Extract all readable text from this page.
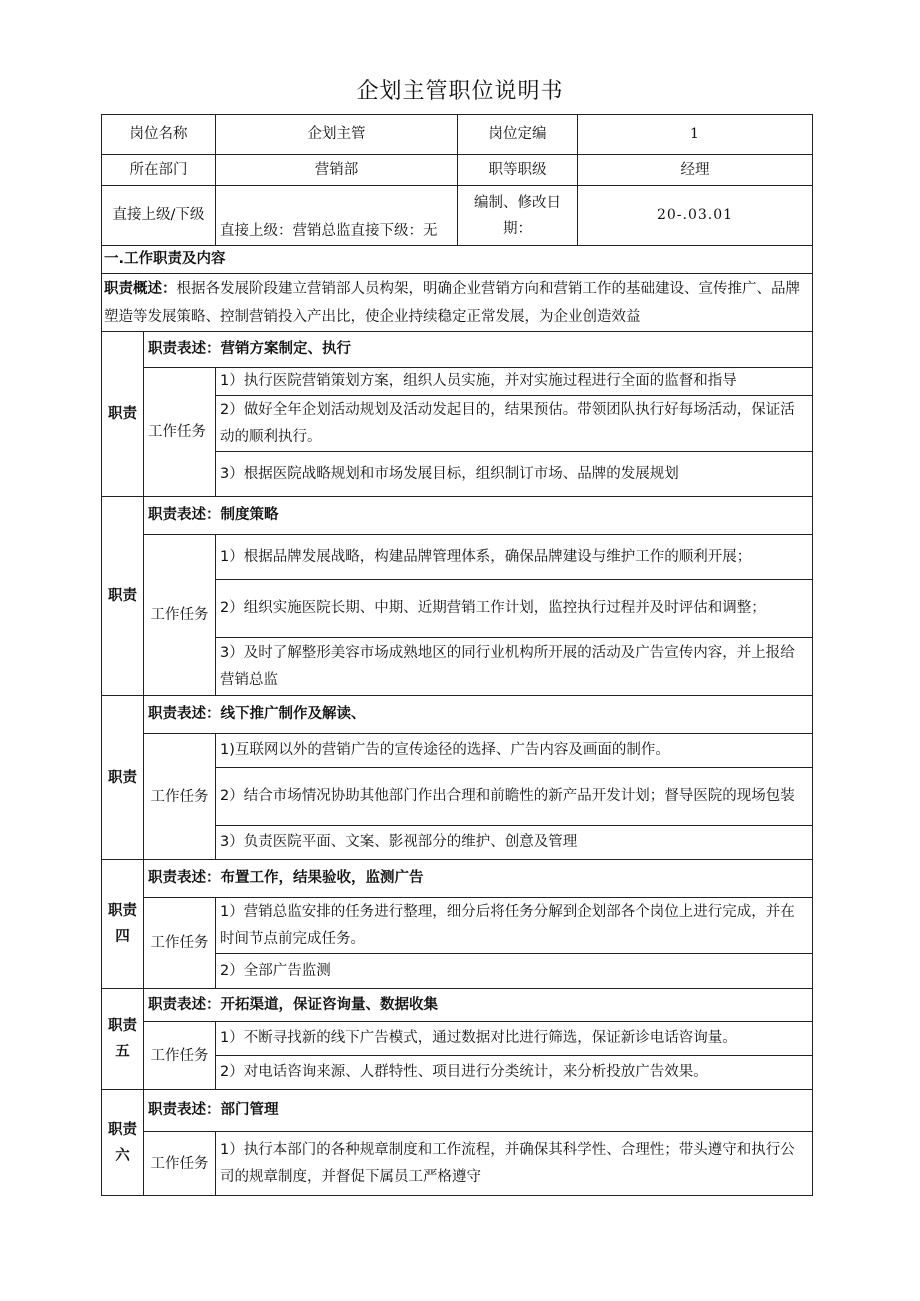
企划主管职位说明书
岗位名称		企划主管	岗位定编	1
所在部门		营销部	职等职级	经理
直接上级/下级		直接上级：营销总监直接下级：无	编制、修改日期：	20-.03.01
一.工作职责及内容				
职责概述：根据各发展阶段建立营销部人员构架，明确企业营销方向和营销工作的基础建设、宣传推广、品牌塑造等发展策略、控制营销投入产出比，使企业持续稳定正常发展，为企业创造效益				
职责	职责表述：营销方案制定、执行			
	工作任务	1）执行医院营销策划方案，组织人员实施，并对实施过程进行全面的监督和指导		
		2）做好全年企划活动规划及活动发起目的，结果预估。带领团队执行好每场活动，保证活动的顺利执行。		
		3）根据医院战略规划和市场发展目标，组织制订市场、品牌的发展规划		
职责	职责表述：制度策略			
	工作任务	1）根据品牌发展战略，构建品牌管理体系，确保品牌建设与维护工作的顺利开展；		
		2）组织实施医院长期、中期、近期营销工作计划，监控执行过程并及时评估和调整；		
		3）及时了解整形美容市场成熟地区的同行业机构所开展的活动及广告宣传内容，并上报给营销总监		
职责	职责表述：线下推广制作及解读、			
	工作任务	1)互联网以外的营销广告的宣传途径的选择、广告内容及画面的制作。		
		2）结合市场情况协助其他部门作出合理和前瞻性的新产品开发计划；督导医院的现场包装		
		3）负责医院平面、文案、影视部分的维护、创意及管理		
职责四	职责表述：布置工作，结果验收，监测广告			
	工作任务	1）营销总监安排的任务进行整理，细分后将任务分解到企划部各个岗位上进行完成，并在时间节点前完成任务。		
		2）全部广告监测		
职责五	职责表述：开拓渠道，保证咨询量、数据收集			
	工作任务	1）不断寻找新的线下广告模式，通过数据对比进行筛选，保证新诊电话咨询量。		
		2）对电话咨询来源、人群特性、项目进行分类统计，来分析投放广告效果。		
职责六	职责表述：部门管理			
	工作任务	1）执行本部门的各种规章制度和工作流程，并确保其科学性、合理性；带头遵守和执行公司的规章制度，并督促下属员工严格遵守		
